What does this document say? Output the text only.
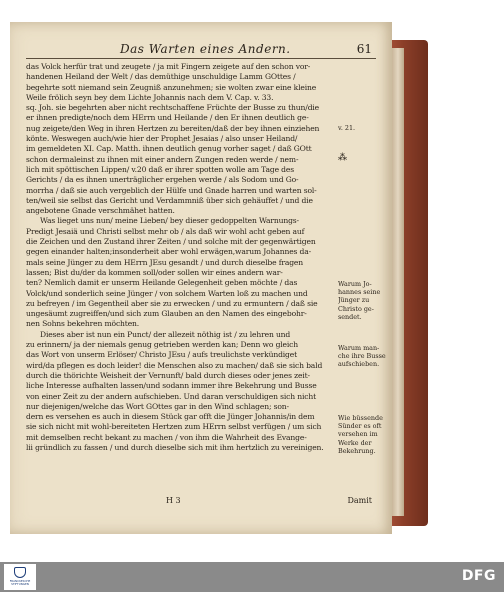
Das Warten eines Andern.	61
das Volck herfür trat und zeugete / ja mit Fingern zeigete auf den schon vor-
handenen Heiland der Welt / das demüthige unschuldige Lamm GOttes /
begehrte sott niemand sein Zeugniß anzunehmen; sie wolten zwar eine kleine
Weile frölich seyn bey dem Lichte Johannis nach dem V. Cap. v. 33.
sq. Joh. sie begehrten aber nicht rechtschaffene Früchte der Busse zu thun/die
er ihnen predigte/noch dem HErrn und Heilande / den Er ihnen deutlich ge-
nug zeigete/den Weg in ihren Hertzen zu bereiten/daß der bey ihnen einziehen
könte. Weswegen auch/wie hier der Prophet Jesaias / also unser Heiland/
im gemeldeten XI. Cap. Matth. ihnen deutlich genug vorher saget / daß GOtt
schon dermaleinst zu ihnen mit einer andern Zungen reden werde / nem-
lich mit spöttischen Lippen/ v.20 daß er ihrer spotten wolle am Tage des
Gerichts / da es ihnen unerträglicher ergehen werde / als Sodom und Go-
morrha / daß sie auch vergeblich der Hülfe und Gnade harren und warten sol-
ten/weil sie selbst das Gericht und Verdammniß über sich gehäuffet / und die
angebotene Gnade verschmähet hatten.
Was lieget uns nun/ meine Lieben/ bey dieser gedoppelten Warnungs-
Predigt Jesaiä und Christi selbst mehr ob / als daß wir wohl acht geben auf
die Zeichen und den Zustand ihrer Zeiten / und solche mit der gegenwärtigen
gegen einander halten;insonderheit aber wohl erwägen,warum Johannes da-
mals seine Jünger zu dem HErrn JEsu gesandt / und durch dieselbe fragen
lassen; Bist du/der da kommen soll/oder sollen wir eines andern war-
ten? Nemlich damit er unserm Heilande Gelegenheit geben möchte / das
Volck/und sonderlich seine Jünger / von solchem Warten loß zu machen und
zu befreyen / im Gegentheil aber sie zu erwecken / und zu ermuntern / daß sie
ungesäumt zugreiffen/und sich zum Glauben an den Namen des eingebohr-
nen Sohns bekehren möchten.
Dieses aber ist nun ein Punct/ der allezeit nöthig ist / zu lehren und
zu erinnern/ ja der niemals genug getrieben werden kan; Denn wo gleich
das Wort von unserm Erlöser/ Christo JEsu / aufs treulichste verkündiget
wird/da pflegen es doch leider! die Menschen also zu machen/ daß sie sich bald
durch die thörichte Weisheit der Vernunft/ bald durch dieses oder jenes zeit-
liche Interesse aufhalten lassen/und sodann immer ihre Bekehrung und Busse
von einer Zeit zu der andern aufschieben. Und daran verschuldigen sich nicht
nur diejenigen/welche das Wort GOttes gar in den Wind schlagen; son-
dern es versehen es auch in diesem Stück gar offt die Jünger Johannis/in dem
sie sich nicht mit wohl-bereiteten Hertzen zum HErrn selbst verfügen / um sich
mit demselben recht bekant zu machen / von ihm die Wahrheit des Evange-
lii gründlich zu fassen / und durch dieselbe sich mit ihm hertzlich zu vereinigen.
v. 21.
⁂
Warum Jo-
hannes seine
Jünger zu
Christo ge-
sendet.
Warum man-
che ihre Busse
aufschieben.
Wie büssende
Sünder es oft
versehen im
Werke der
Bekehrung.
H 3	Damit
FRANCKESCHE STIFTUNGEN
DFG
